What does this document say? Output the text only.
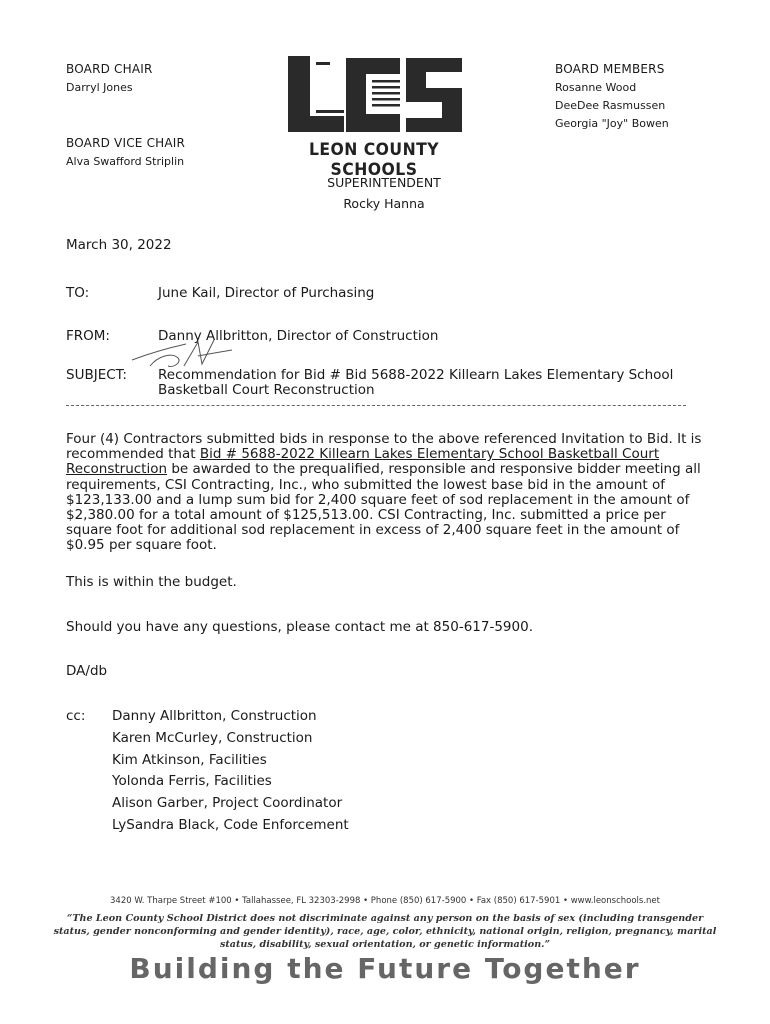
BOARD CHAIR
Darryl Jones
BOARD VICE CHAIR
Alva Swafford Striplin
BOARD MEMBERS
Rosanne Wood
DeeDee Rasmussen
Georgia "Joy" Bowen
LEON COUNTY SCHOOLS
SUPERINTENDENT
Rocky Hanna
March 30, 2022
TO:	June Kail, Director of Purchasing
FROM:	Danny Allbritton, Director of Construction
SUBJECT: Recommendation for Bid # Bid 5688-2022 Killearn Lakes Elementary School
Basketball Court Reconstruction
Four (4) Contractors submitted bids in response to the above referenced Invitation to Bid. It is recommended that Bid # 5688-2022 Killearn Lakes Elementary School Basketball Court Reconstruction be awarded to the prequalified, responsible and responsive bidder meeting all requirements, CSI Contracting, Inc., who submitted the lowest base bid in the amount of $123,133.00 and a lump sum bid for 2,400 square feet of sod replacement in the amount of $2,380.00 for a total amount of $125,513.00. CSI Contracting, Inc. submitted a price per square foot for additional sod replacement in excess of 2,400 square feet in the amount of $0.95 per square foot.
This is within the budget.
Should you have any questions, please contact me at 850-617-5900.
DA/db
cc: Danny Allbritton, Construction
Karen McCurley, Construction
Kim Atkinson, Facilities
Yolonda Ferris, Facilities
Alison Garber, Project Coordinator
LySandra Black, Code Enforcement
3420 W. Tharpe Street #100 • Tallahassee, FL 32303-2998 • Phone (850) 617-5900 • Fax (850) 617-5901 • www.leonschools.net
“The Leon County School District does not discriminate against any person on the basis of sex (including transgender status, gender nonconforming and gender identity), race, age, color, ethnicity, national origin, religion, pregnancy, marital status, disability, sexual orientation, or genetic information.”
Building the Future Together
